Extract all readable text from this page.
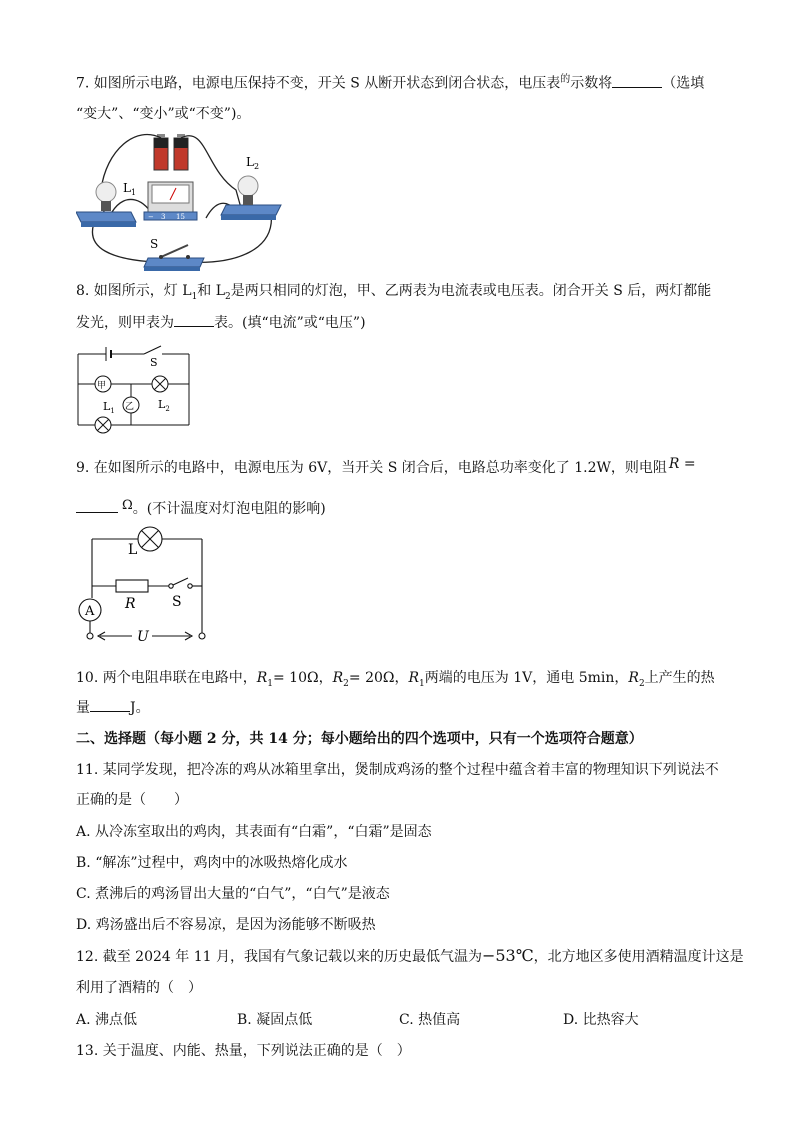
7. 如图所示电路，电源电压保持不变，开关 S 从断开状态到闭合状态，电压表$^的$示数将	（选填
“变大”、“变小”或“不变”)。
$L_1$
− 3 15
$L_2$
S
8. 如图所示，灯 $L_1$和 $L_2$是两只相同的灯泡，甲、乙两表为电流表或电压表。闭合开关 S 后，两灯都能
发光，则甲表为	表。(填“电流”或“电压”)
S
甲
乙
$L_1$	$L_2$
9. 在如图所示的电路中，电源电压为 6V，当开关 S 闭合后，电路总功率变化了 1.2W，则电阻 R =
Ω。(不计温度对灯泡电阻的影响)
L
R	S
A
U
10. 两个电阻串联在电路中，$R_1= 10\Omega$，$R_2= 20\Omega$，$R_1$两端的电压为 1V，通电 5min，$R_2$上产生的热
量	J。
二、选择题（每小题 2 分，共 14 分；每小题给出的四个选项中，只有一个选项符合题意）
11. 某同学发现，把冷冻的鸡从冰箱里拿出，煲制成鸡汤的整个过程中蕴含着丰富的物理知识下列说法不
正确的是（　　）
A. 从冷冻室取出的鸡肉，其表面有“白霜”，“白霜”是固态
B. “解冻”过程中，鸡肉中的冰吸热熔化成水
C. 煮沸后的鸡汤冒出大量的“白气”，“白气”是液态
D. 鸡汤盛出后不容易凉，是因为汤能够不断吸热
12. 截至 2024 年 11 月，我国有气象记载以来的历史最低气温为−53℃，北方地区多使用酒精温度计这是
利用了酒精的（　）
A. 沸点低	B. 凝固点低	C. 热值高	D. 比热容大
13. 关于温度、内能、热量，下列说法正确的是（　）
